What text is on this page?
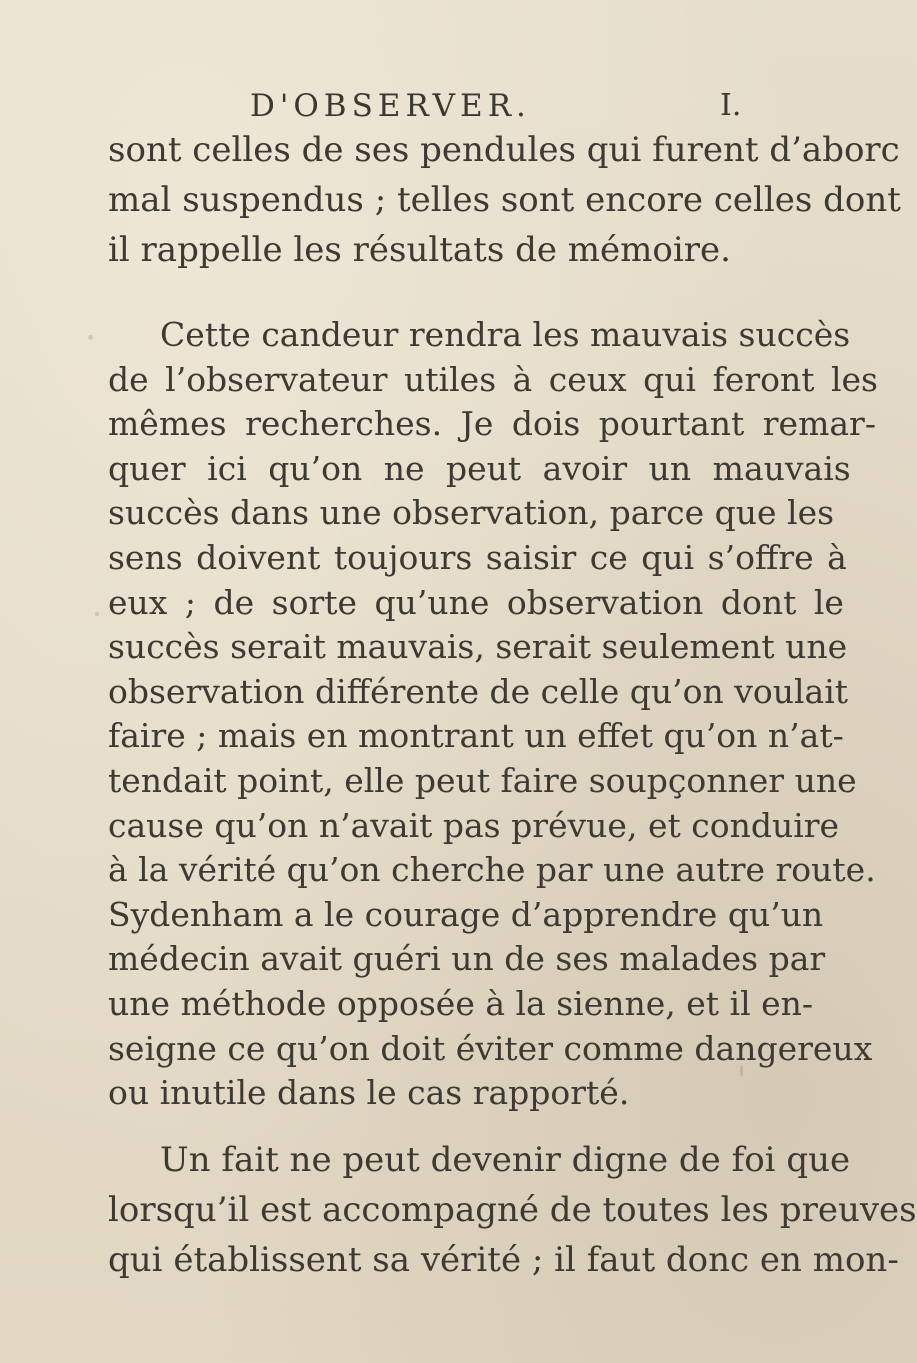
D'OBSERVER.	I.
sont celles de ses pendules qui furent d’aborc
mal suspendus ; telles sont encore celles dont
il rappelle les résultats de mémoire.
Cette candeur rendra les mauvais succès
de l’observateur utiles à ceux qui feront les
mêmes recherches. Je dois pourtant remar-
quer ici qu’on ne peut avoir un mauvais
succès dans une observation, parce que les
sens doivent toujours saisir ce qui s’offre à
eux ; de sorte qu’une observation dont le
succès serait mauvais, serait seulement une
observation différente de celle qu’on voulait
faire ; mais en montrant un effet qu’on n’at-
tendait point, elle peut faire soupçonner une
cause qu’on n’avait pas prévue, et conduire
à la vérité qu’on cherche par une autre route.
Sydenham a le courage d’apprendre qu’un
médecin avait guéri un de ses malades par
une méthode opposée à la sienne, et il en-
seigne ce qu’on doit éviter comme dangereux
ou inutile dans le cas rapporté.
Un fait ne peut devenir digne de foi que
lorsqu’il est accompagné de toutes les preuves
qui établissent sa vérité ; il faut donc en mon-
